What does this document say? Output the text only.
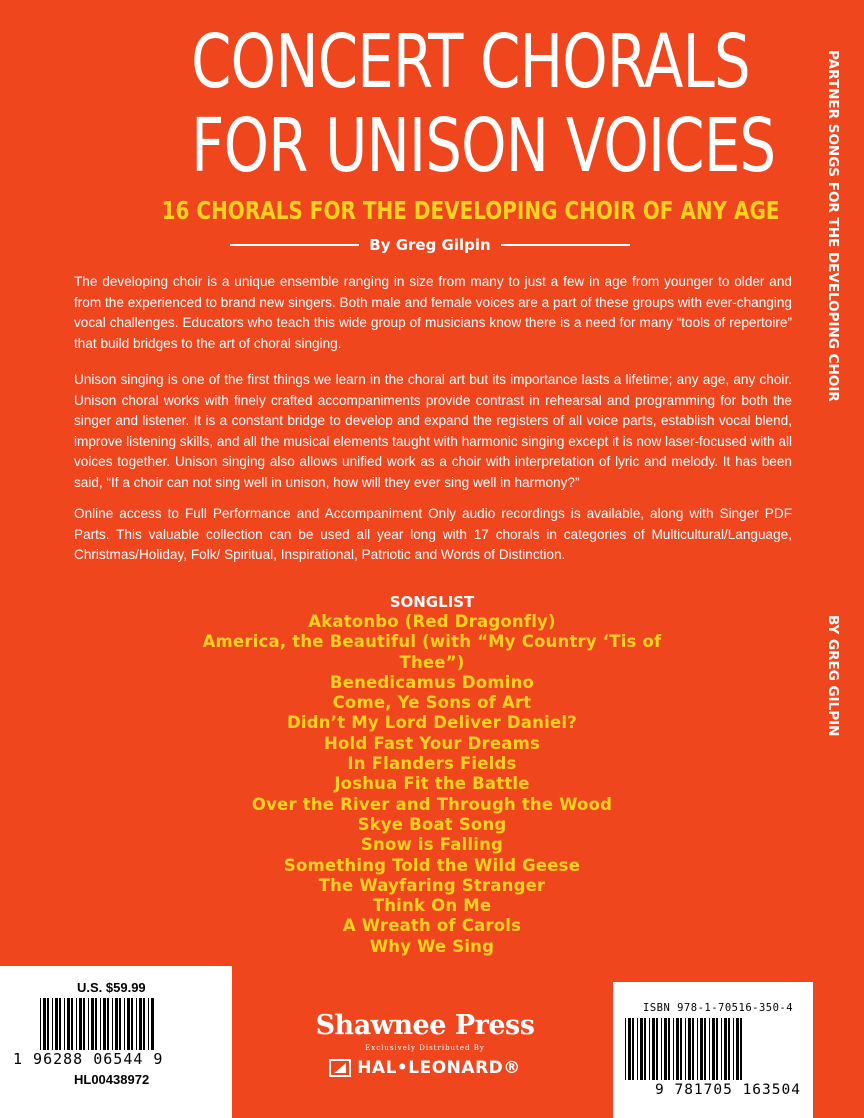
CONCERT CHORALS
FOR UNISON VOICES
16 CHORALS FOR THE DEVELOPING CHOIR OF ANY AGE
By Greg Gilpin

The developing choir is a unique ensemble ranging in size from many to just a few in age from younger to older and from the experienced to brand new singers. Both male and female voices are a part of these groups with ever-changing vocal challenges. Educators who teach this wide group of musicians know there is a need for many “tools of repertoire” that build bridges to the art of choral singing.

Unison singing is one of the first things we learn in the choral art but its importance lasts a lifetime; any age, any choir. Unison choral works with finely crafted accompaniments provide contrast in rehearsal and programming for both the singer and listener. It is a constant bridge to develop and expand the registers of all voice parts, establish vocal blend, improve listening skills, and all the musical elements taught with harmonic singing except it is now laser-focused with all voices together. Unison singing also allows unified work as a choir with interpretation of lyric and melody. It has been said, “If a choir can not sing well in unison, how will they ever sing well in harmony?”

Online access to Full Performance and Accompaniment Only audio recordings is available, along with Singer PDF Parts. This valuable collection can be used all year long with 17 chorals in categories of Multicultural/Language, Christmas/Holiday, Folk/ Spiritual, Inspirational, Patriotic and Words of Distinction.

SONGLIST
Akatonbo (Red Dragonfly)
America, the Beautiful (with “My Country ‘Tis of
Thee”)
Benedicamus Domino
Come, Ye Sons of Art
Didn’t My Lord Deliver Daniel?
Hold Fast Your Dreams
In Flanders Fields
Joshua Fit the Battle
Over the River and Through the Wood
Skye Boat Song
Snow is Falling
Something Told the Wild Geese
The Wayfaring Stranger
Think On Me
A Wreath of Carols
Why We Sing
PARTNER SONGS FOR THE DEVELOPING CHOIR
BY GREG GILPIN
U.S. $59.99
1 96288 06544 9
HL00438972
Shawnee Press
Exclusively Distributed By
HAL•LEONARD®
ISBN 978-1-70516-350-4
9 781705 163504
